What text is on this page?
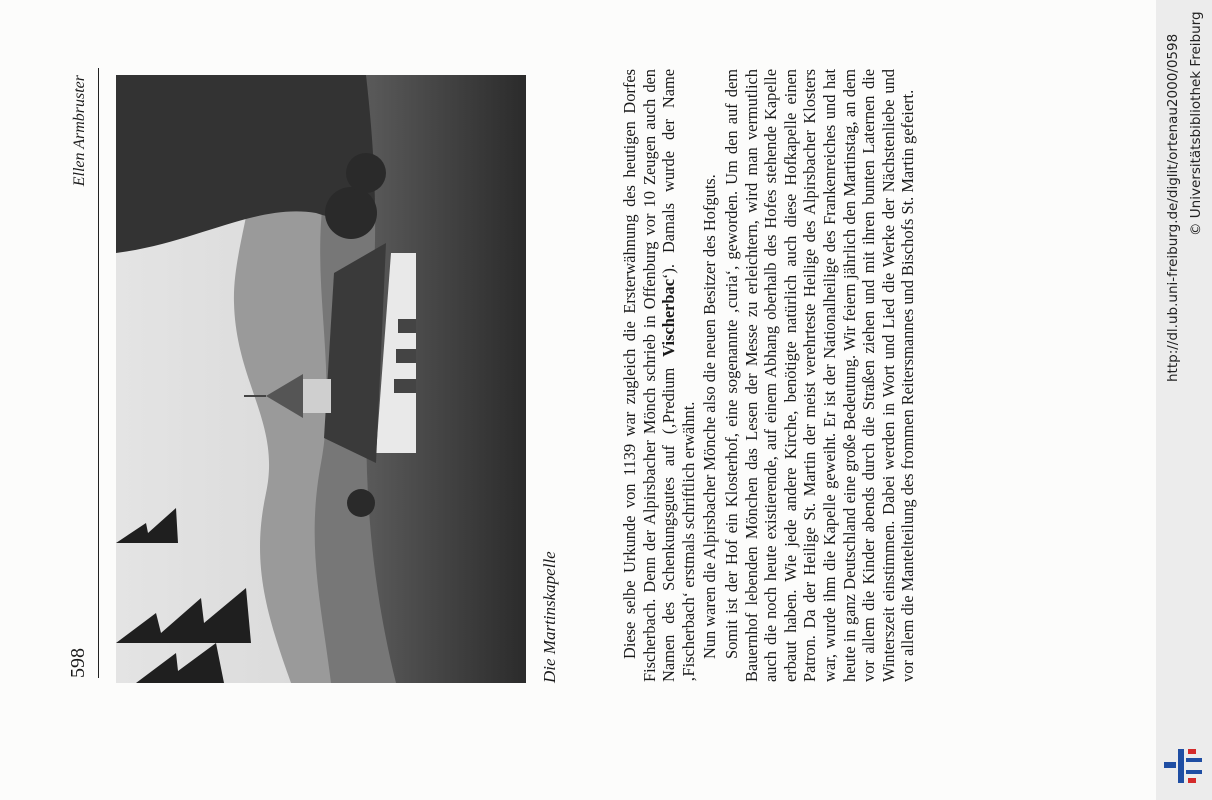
598
Ellen Armbruster
Die Martinskapelle	Diese selbe Urkunde von 1139 war zugleich die Ersterwähnung des heutigen Dorfes Fischerbach. Denn der Alpirsbacher Mönch schrieb in Offenburg vor 10 Zeugen auch den Namen des Schenkungsgutes auf (‚Predium Vischerbac‘). Damals wurde der Name ‚Fischerbach‘ erstmals schriftlich erwähnt. Nun waren die Alpirsbacher Mönche also die neuen Besitzer des Hofguts. Somit ist der Hof ein Klosterhof, eine sogenannte ‚curia‘, geworden. Um den auf dem Bauernhof lebenden Mönchen das Lesen der Messe zu erleichtern, wird man vermutlich auch die noch heute existierende, auf einem Abhang oberhalb des Hofes stehende Kapelle erbaut haben. Wie jede andere Kirche, benötigte natürlich auch diese Hofkapelle einen Patron. Da der Heilige St. Martin der meist verehrteste Heilige des Alpirsbacher Klosters war, wurde ihm die Kapelle geweiht. Er ist der Nationalheilige des Frankenreiches und hat heute in ganz Deutschland eine große Bedeutung. Wir feiern jährlich den Martinstag, an dem vor allem die Kinder abends durch die Straßen ziehen und mit ihren bunten Laternen die Winterszeit einstimmen. Dabei werden in Wort und Lied die Werke der Nächstenliebe und vor allem die Mantelteilung des frommen Reitersmannes und Bischofs St. Martin gefeiert.	http://dl.ub.uni-freiburg.de/diglit/ortenau2000/0598 © Universitätsbibliothek Freiburg
